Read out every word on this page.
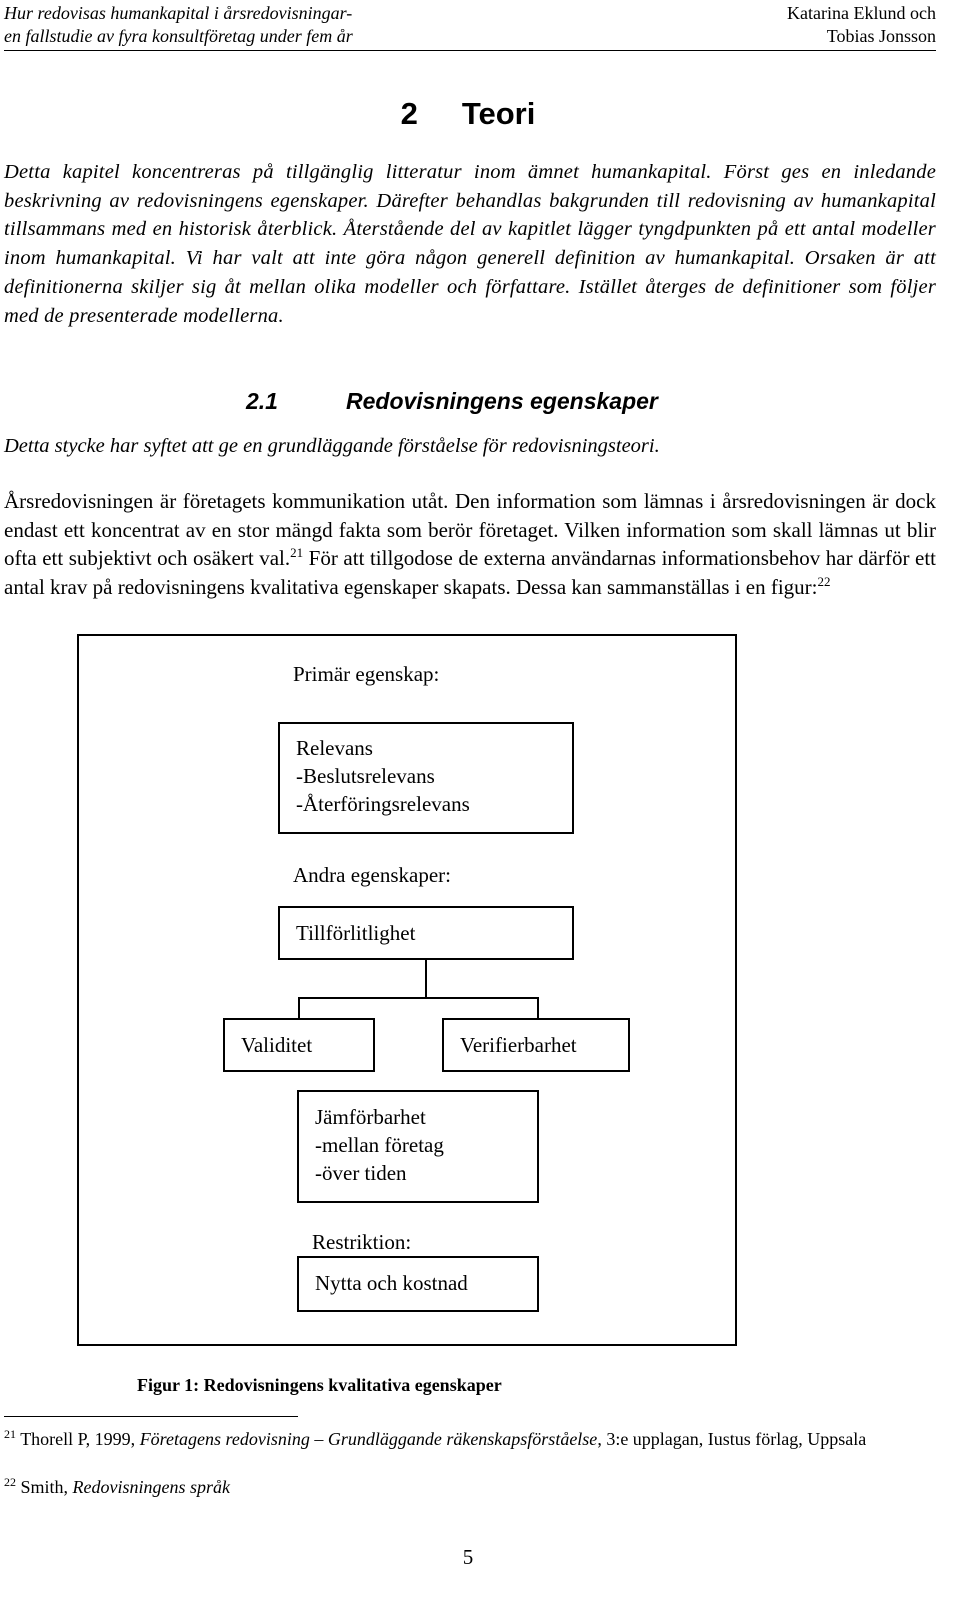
Hur redovisas humankapital i årsredovisningar-
en fallstudie av fyra konsultföretag under fem år
Katarina Eklund och
Tobias Jonsson
2 Teori
Detta kapitel koncentreras på tillgänglig litteratur inom ämnet humankapital. Först ges en inledande beskrivning av redovisningens egenskaper. Därefter behandlas bakgrunden till redovisning av humankapital tillsammans med en historisk återblick. Återstående del av kapitlet lägger tyngdpunkten på ett antal modeller inom humankapital. Vi har valt att inte göra någon generell definition av humankapital. Orsaken är att definitionerna skiljer sig åt mellan olika modeller och författare. Istället återges de definitioner som följer med de presenterade modellerna.
2.1	Redovisningens egenskaper
Detta stycke har syftet att ge en grundläggande förståelse för redovisningsteori.
Årsredovisningen är företagets kommunikation utåt. Den information som lämnas i årsredovisningen är dock endast ett koncentrat av en stor mängd fakta som berör företaget. Vilken information som skall lämnas ut blir ofta ett subjektivt och osäkert val.$^{21}$ För att tillgodose de externa användarnas informationsbehov har därför ett antal krav på redovisningens kvalitativa egenskaper skapats. Dessa kan sammanställas i en figur:$^{22}$
Primär egenskap:
Relevans
-Beslutsrelevans
-Återföringsrelevans
Andra egenskaper:
Tillförlitlighet
Validitet	Verifierbarhet
Jämförbarhet
-mellan företag
-över tiden
Restriktion:
Nytta och kostnad
Figur 1: Redovisningens kvalitativa egenskaper
$^{21}$ Thorell P, 1999, Företagens redovisning – Grundläggande räkenskapsförståelse, 3:e upplagan, Iustus förlag, Uppsala
$^{22}$ Smith, Redovisningens språk
5
